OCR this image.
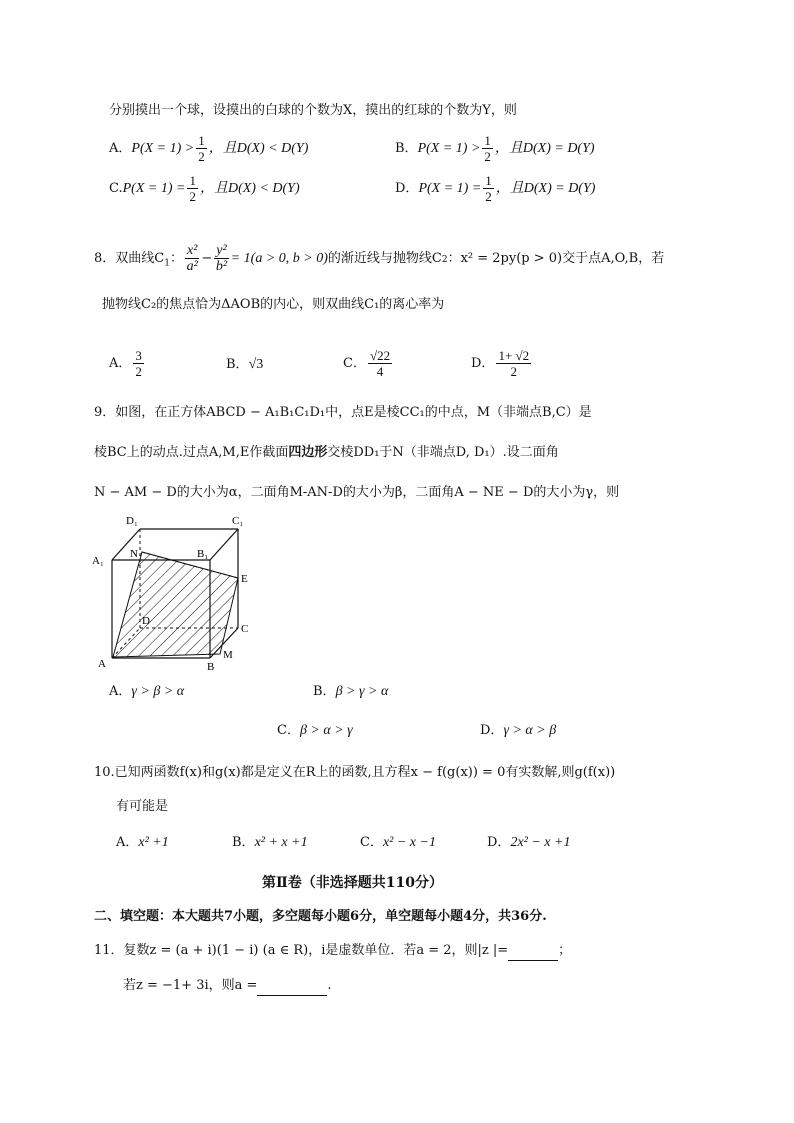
分别摸出一个球，设摸出的白球的个数为X，摸出的红球的个数为Y，则
A．$P(X = 1) > \frac{1}{2}$ ，且D(X) < D(Y)	B．$P(X = 1) > \frac{1}{2}$ ，且D(X) = D(Y)
$C.P(X = 1) = \frac{1}{2}$ ，且D(X) < D(Y)	D．$P(X = 1) = \frac{1}{2}$ ，且D(X) = D(Y)
8．双曲线$C_1$： $\frac{\text{x²}}{\text{a²}} - \frac{\text{y²}}{\text{b²}} = 1(a > 0$, b > 0)的渐近线与抛物线C2：x² = 2py(p > 0)交于点A,O,B，若
抛物线C₂的焦点恰为ΔAOB的内心，则双曲线C₁的离心率为
A． $\frac{3}{2}$	B．√3	C． $\frac{√22}{4}$	D． $\frac{1+ √2}{2}$
9．如图，在正方体ABCD − A₁B₁C₁D₁中，点E是棱CC₁的中点，M（非端点B,C）是
棱BC上的动点.过点A,M,E作截面四边形交棱DD₁于N（非端点D, D₁）.设二面角
N − AM − D的大小为α，二面角M-AN-D的大小为β，二面角A − NE − D的大小为γ，则
D₁	C₁
A₁
N	B₁
E
D
C
A	B
M
A．γ > β > α	B．β > γ > α
C．β > α > γ	D．γ > α > β
10.已知两函数f(x)和g(x)都是定义在R上的函数,且方程x − f(g(x)) = 0有实数解,则g(f(x))
有可能是
A．x² +1	B．x² + x +1	C．x² − x −1	D．2x² − x +1
第Ⅱ卷（非选择题共110分）
二、填空题：本大题共7小题，多空题每小题6分，单空题每小题4分，共36分.
11．复数z = (a + i)(1 − i) (a ∈ R)，i是虚数单位．若a = 2，则|z |=	；
若z = −1+ 3i，则a =	.
